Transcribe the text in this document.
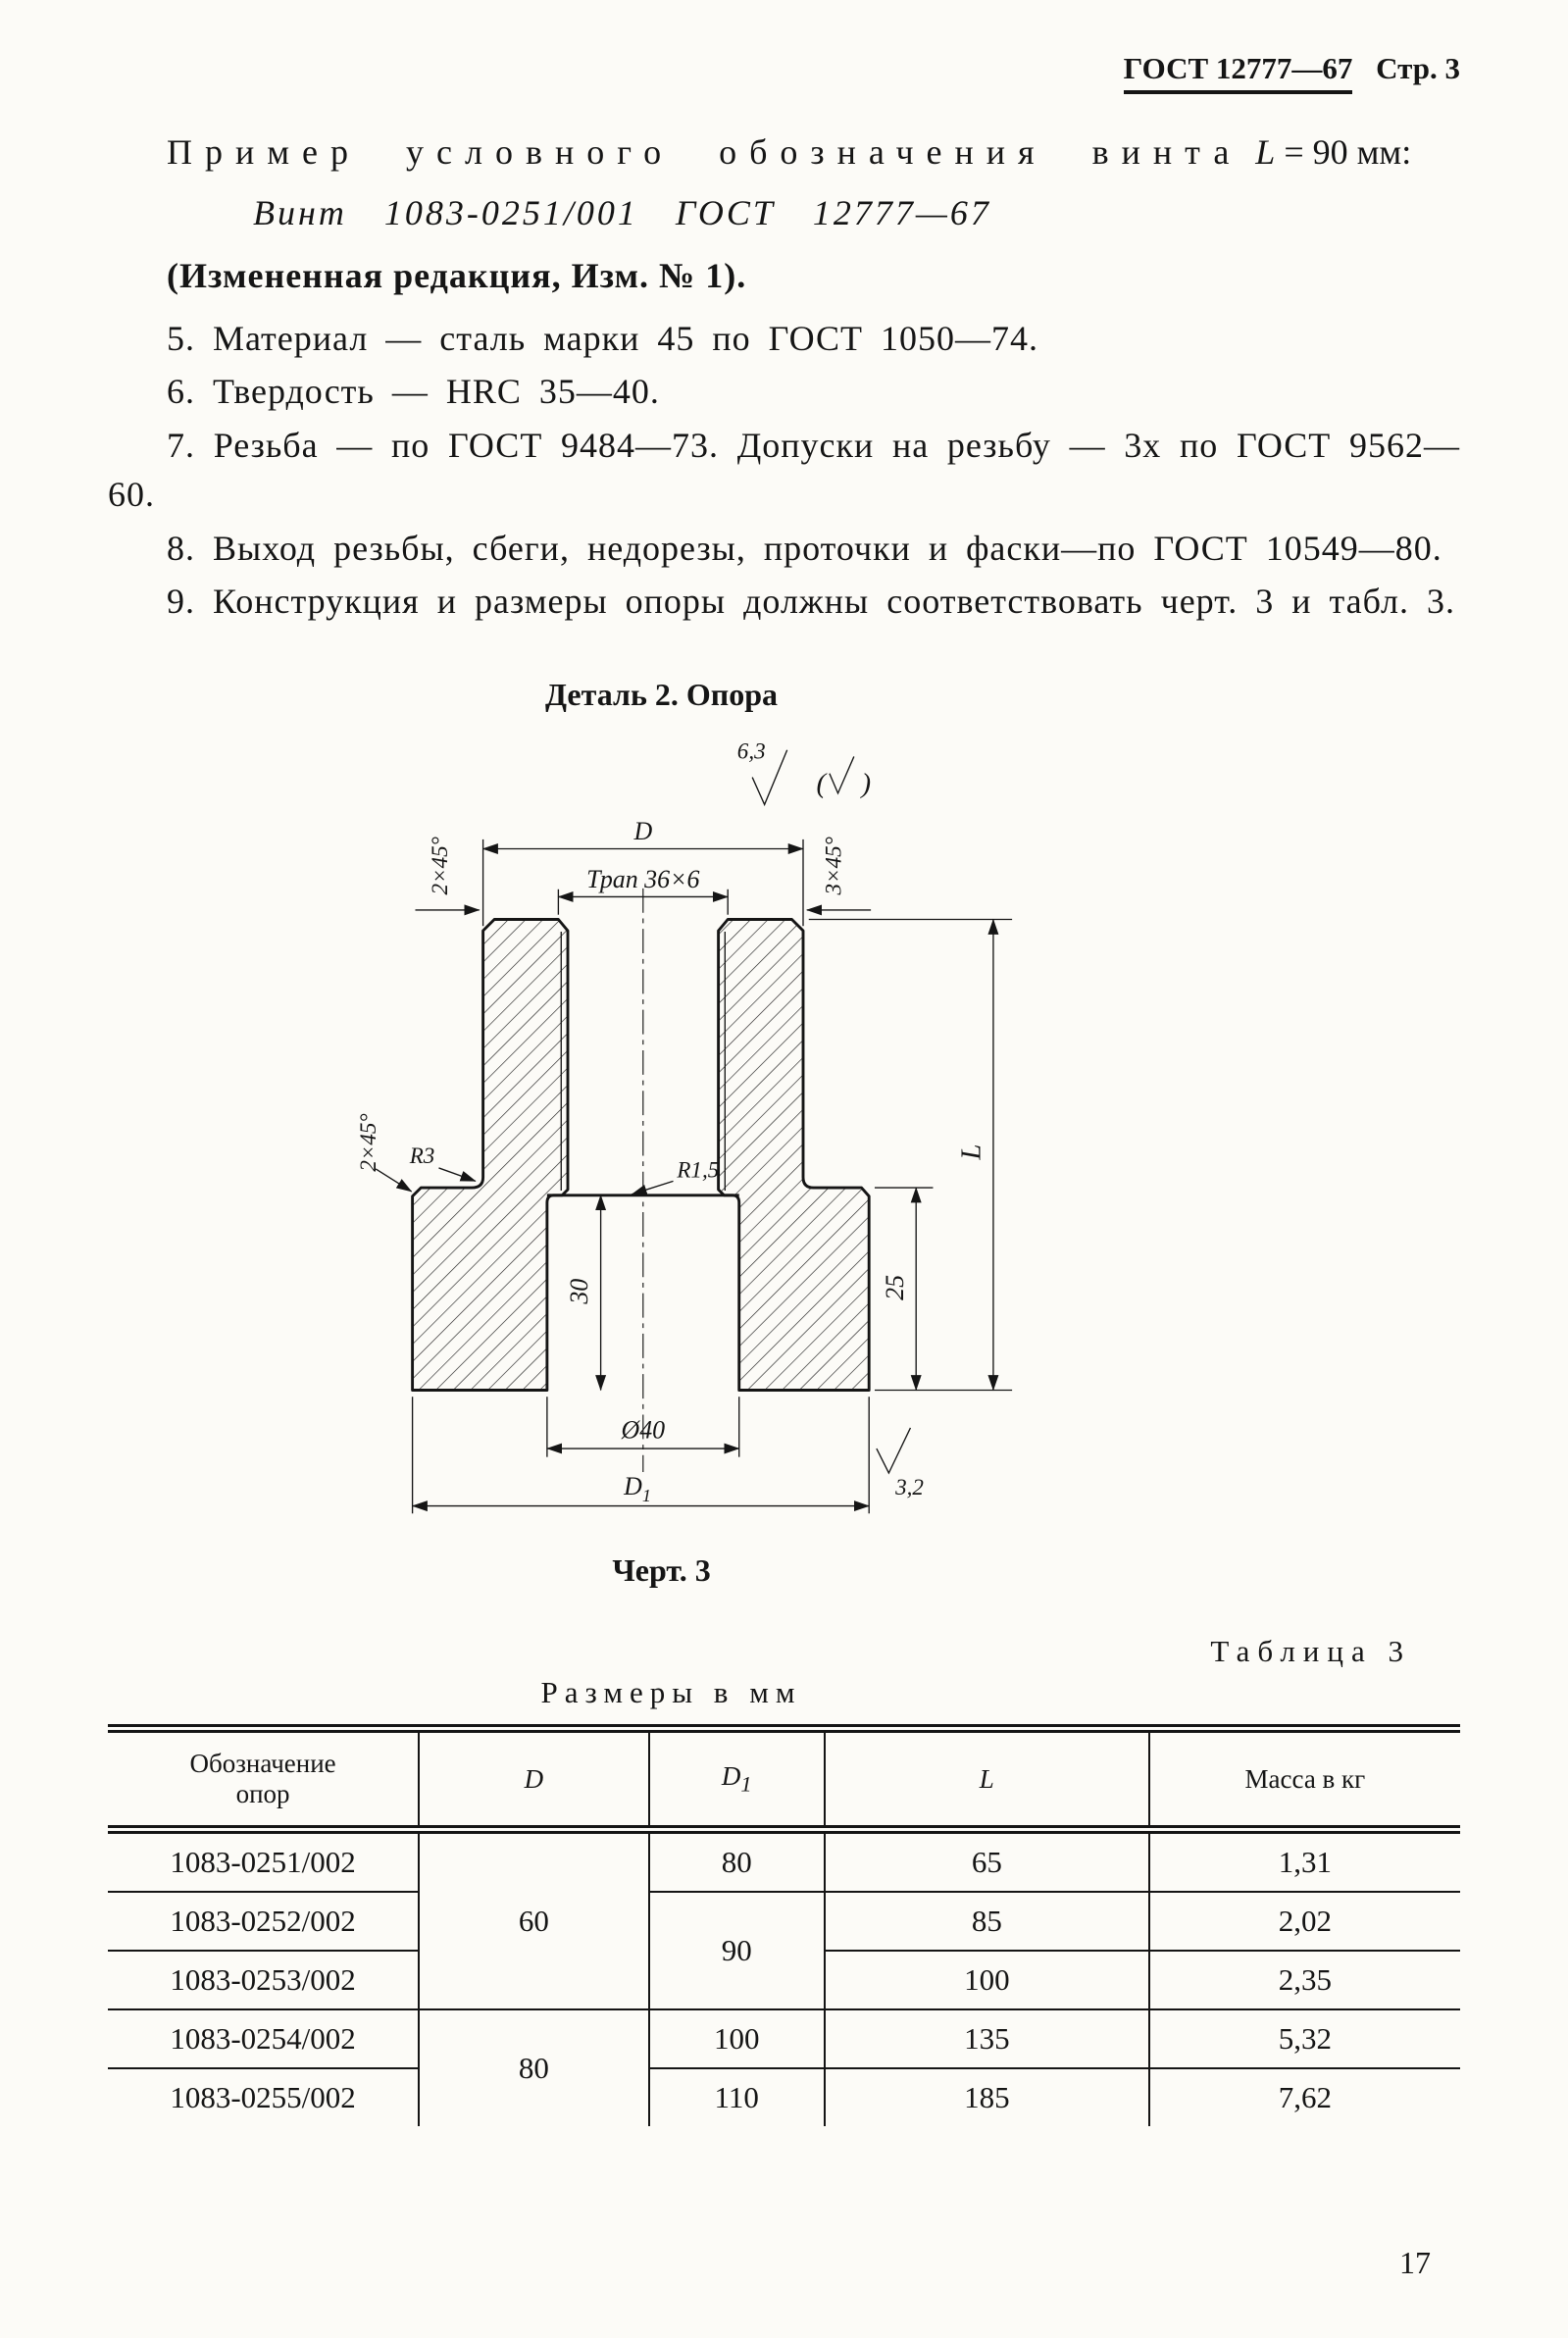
ГОСТ 12777—67 Стр. 3

Пример условного обозначения винта L = 90 мм:

Винт 1083-0251/001 ГОСТ 12777—67

(Измененная редакция, Изм. № 1).

5. Материал — сталь марки 45 по ГОСТ 1050—74.

6. Твердость — HRC 35—40.

7. Резьба — по ГОСТ 9484—73. Допуски на резьбу — 3х по ГОСТ 9562—60.

8. Выход резьбы, сбеги, недорезы, проточки и фаски—по ГОСТ 10549—80.

9. Конструкция и размеры опоры должны соответствовать черт. 3 и табл. 3.

Деталь 2. Опора
6,3
( )
D
Трап 36×6
2×45°	3×45°
R3
2×45°	R1,5
30	25
L
Ø40
$D_1$	3,2

Черт. 3

Таблица 3

Размеры в мм

Обозначение
опор	D	$D_1$	L	Масса в кг
1083-0251/002	60	80	65	1,31
1083-0252/002		90	85	2,02
1083-0253/002			100	2,35
1083-0254/002	80	100	135	5,32
1083-0255/002		110	185	7,62
17
